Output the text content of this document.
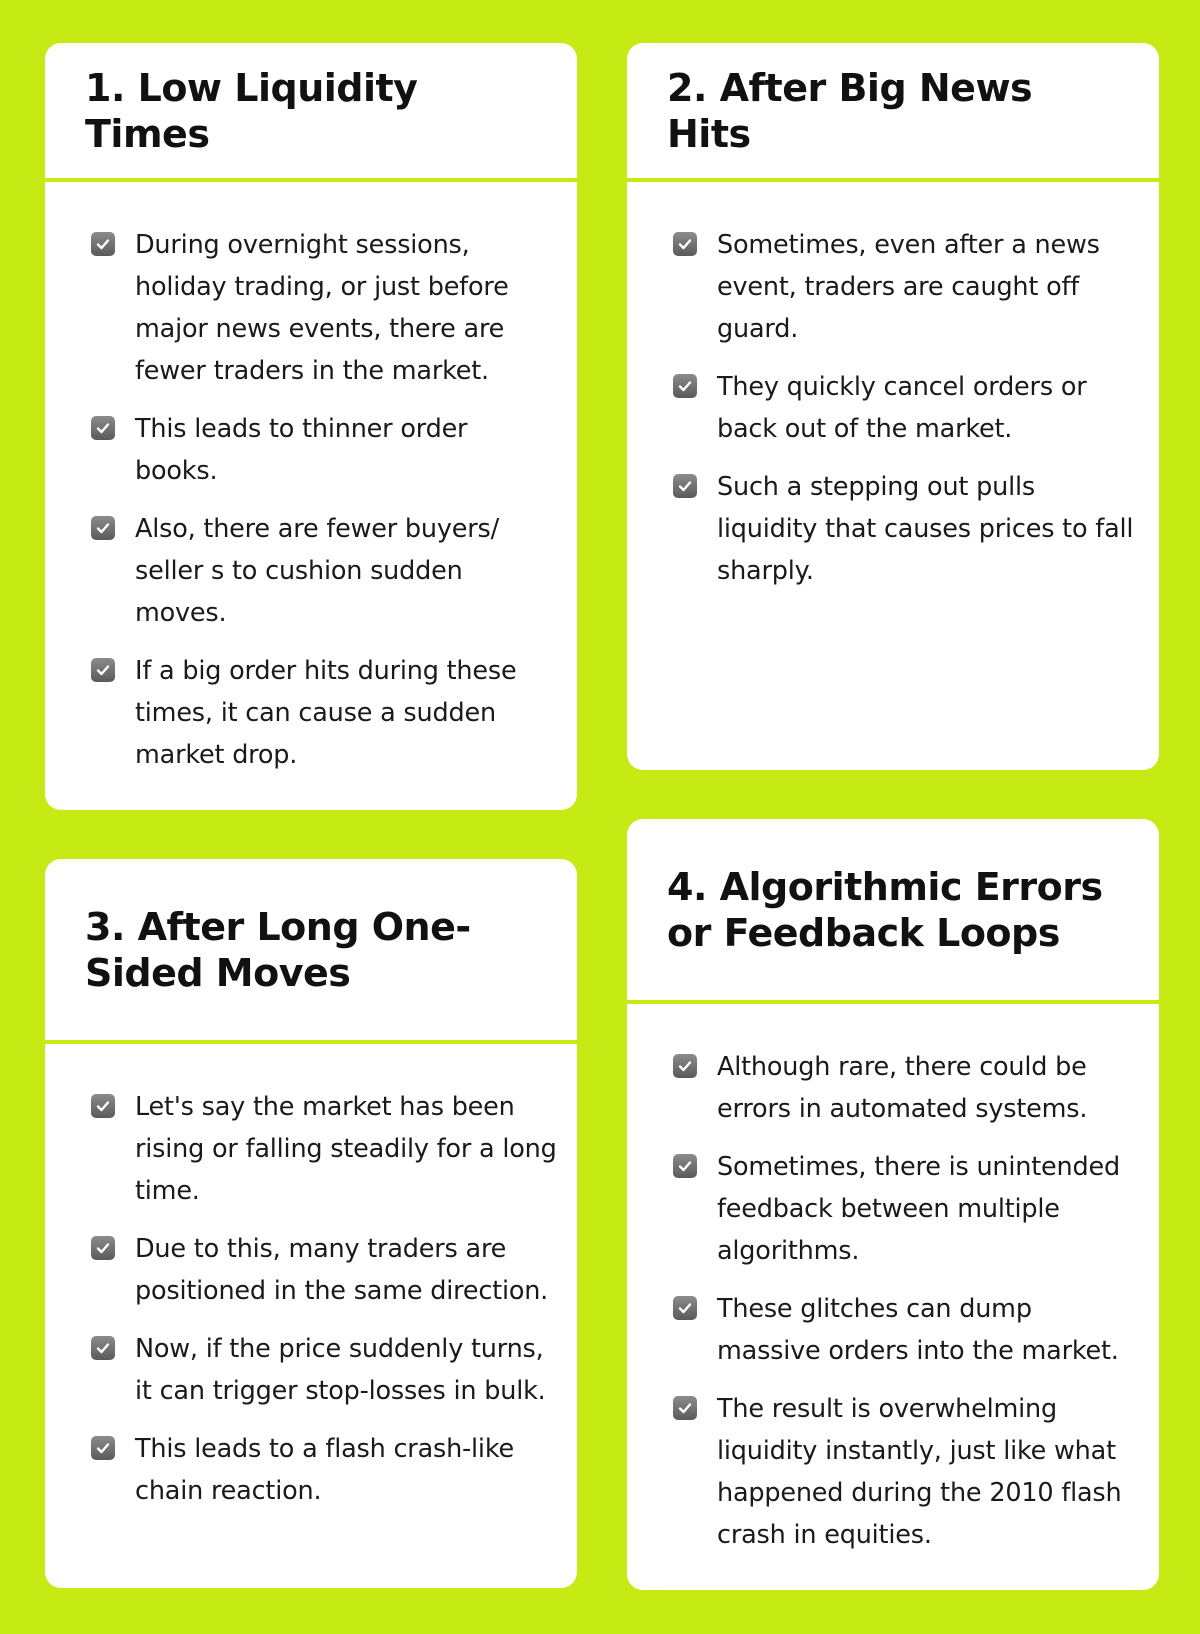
1. Low Liquidity Times
During overnight sessions, holiday trading, or just before major news events, there are fewer traders in the market.
This leads to thinner order books.
Also, there are fewer buyers/ seller s to cushion sudden moves.
If a big order hits during these times, it can cause a sudden market drop.
2. After Big News Hits
Sometimes, even after a news event, traders are caught off guard.
They quickly cancel orders or back out of the market.
Such a stepping out pulls liquidity that causes prices to fall sharply.
3. After Long One-Sided Moves
Let's say the market has been rising or falling steadily for a long time.
Due to this, many traders are positioned in the same direction.
Now, if the price suddenly turns, it can trigger stop-losses in bulk.
This leads to a flash crash-like chain reaction.
4. Algorithmic Errors or Feedback Loops
Although rare, there could be errors in automated systems.
Sometimes, there is unintended feedback between multiple algorithms.
These glitches can dump massive orders into the market.
The result is overwhelming liquidity instantly, just like what happened during the 2010 flash crash in equities.
